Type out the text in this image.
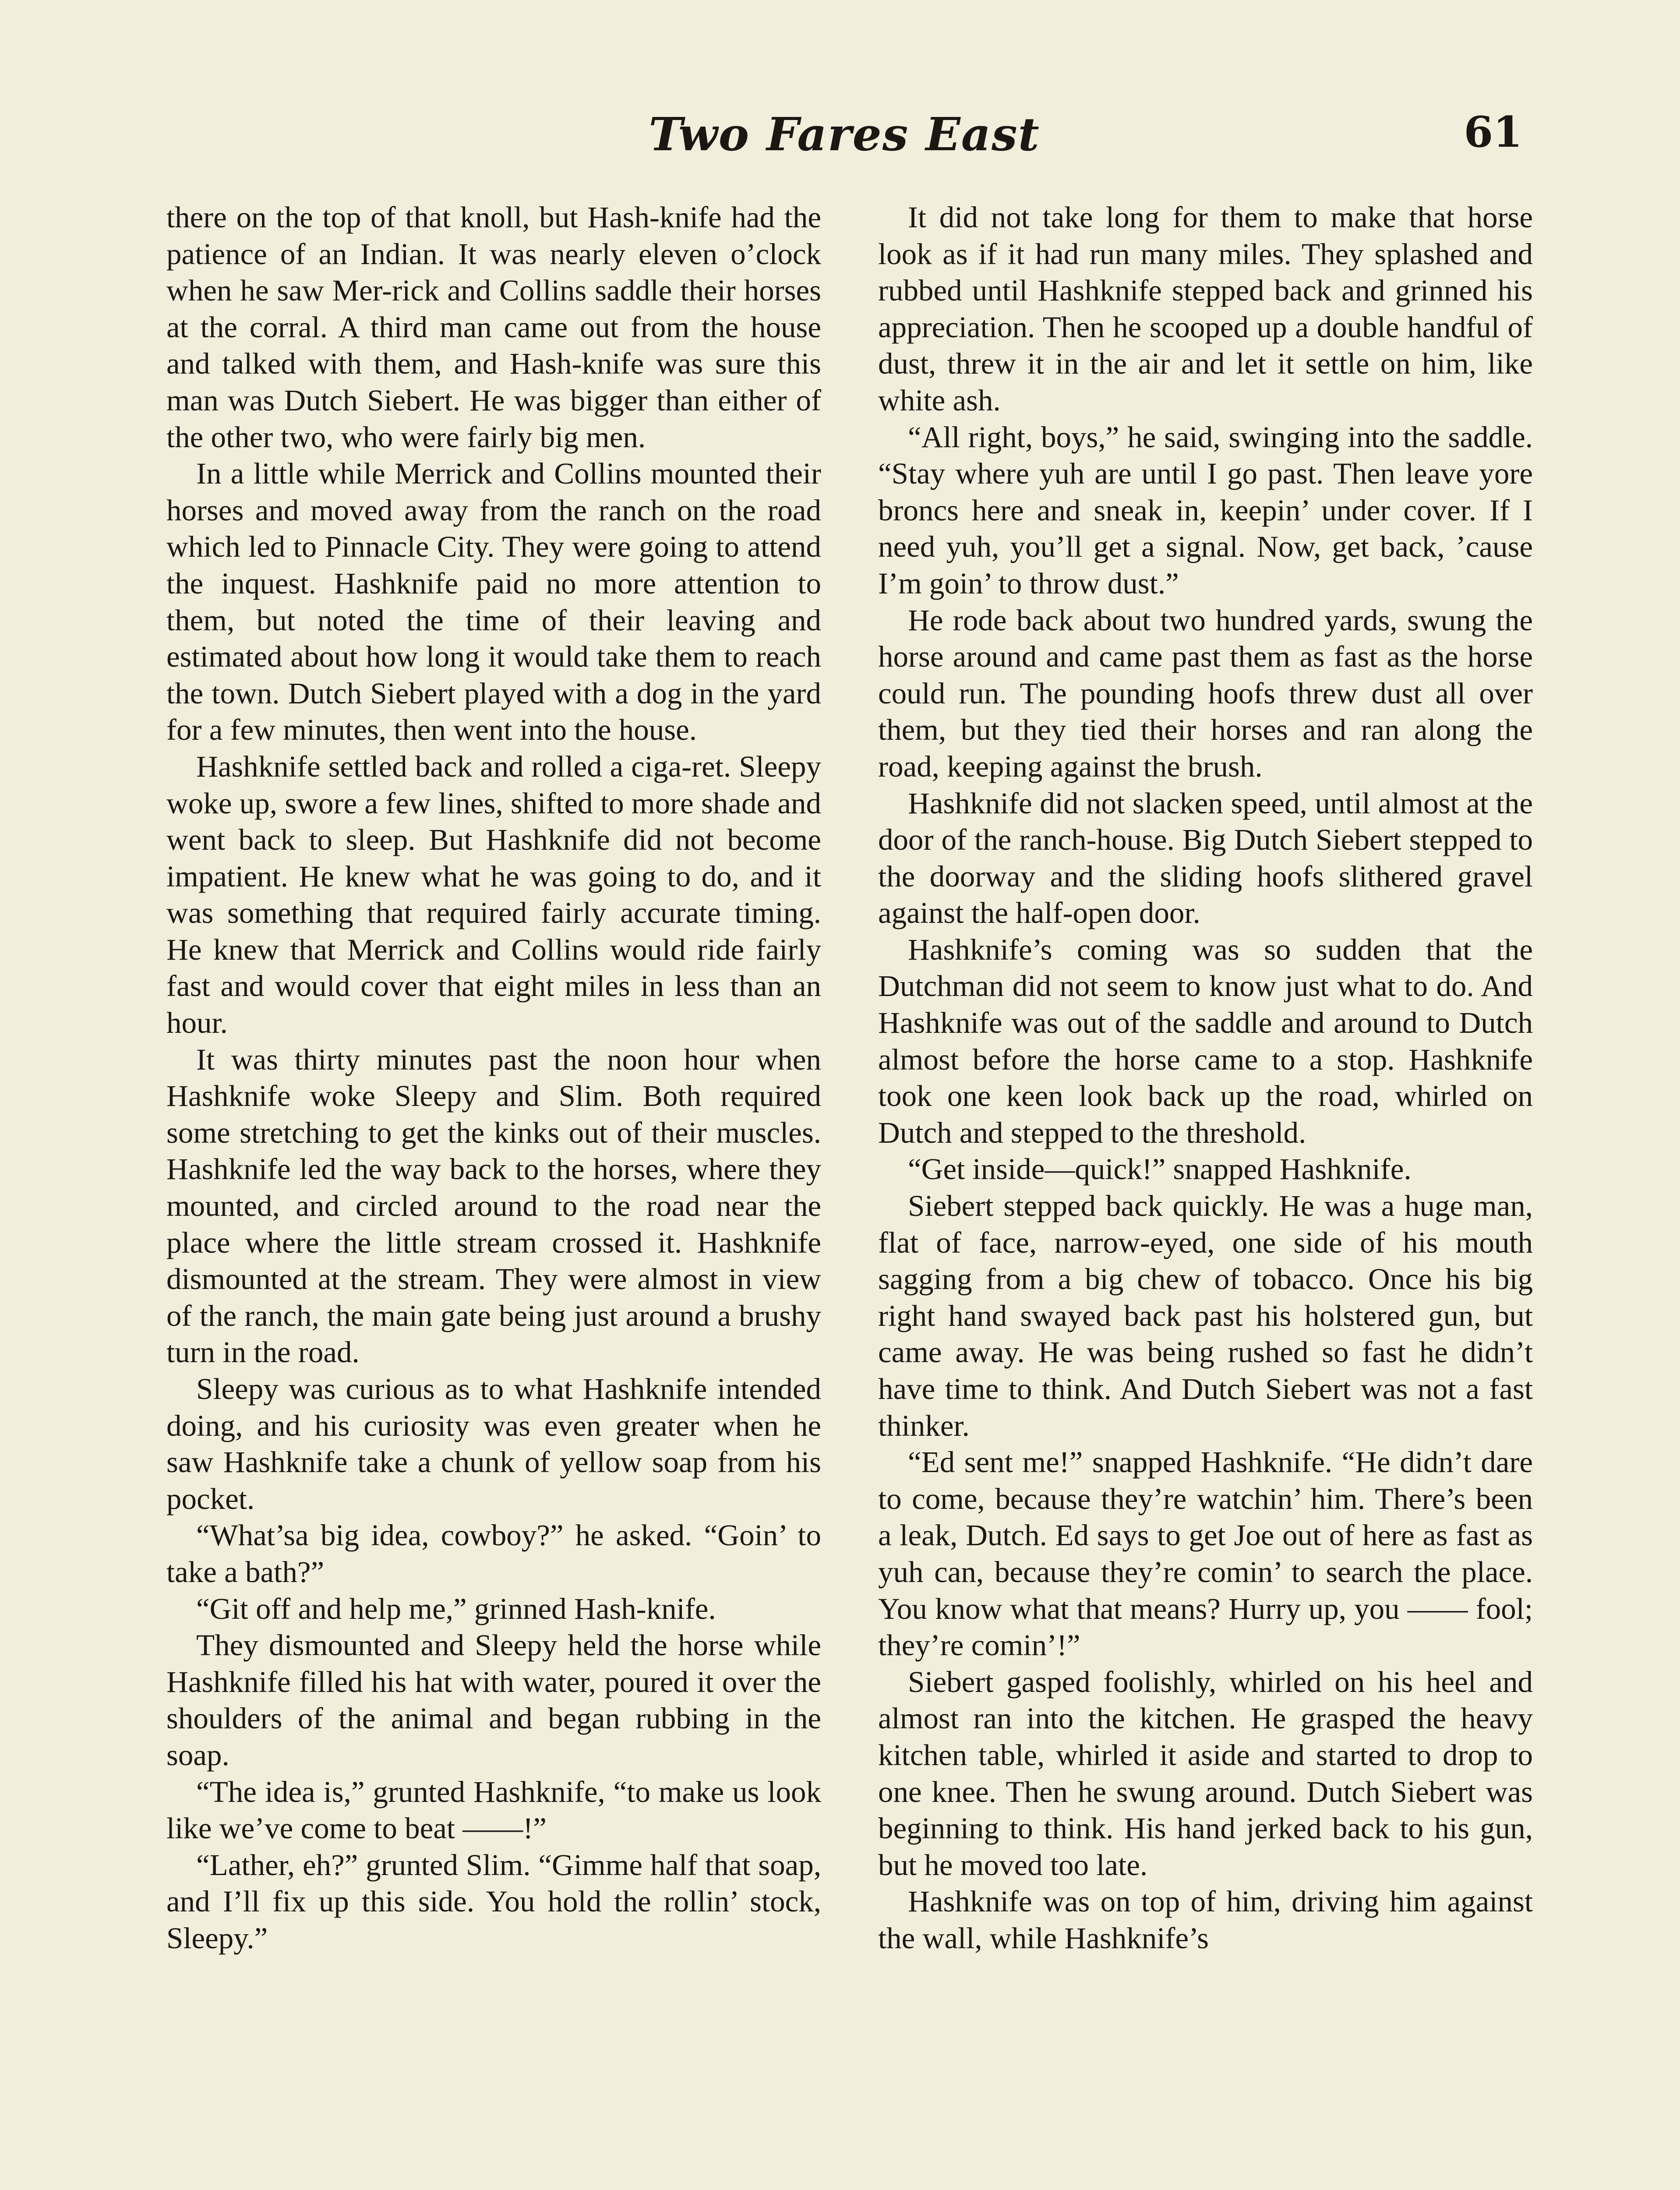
Two Fares East	61

there on the top of that knoll, but Hash-knife had the patience of an Indian. It was nearly eleven o’clock when he saw Mer-rick and Collins saddle their horses at the corral. A third man came out from the house and talked with them, and Hash-knife was sure this man was Dutch Siebert. He was bigger than either of the other two, who were fairly big men.

In a little while Merrick and Collins mounted their horses and moved away from the ranch on the road which led to Pinnacle City. They were going to attend the inquest. Hashknife paid no more attention to them, but noted the time of their leaving and estimated about how long it would take them to reach the town. Dutch Siebert played with a dog in the yard for a few minutes, then went into the house.

Hashknife settled back and rolled a ciga-ret. Sleepy woke up, swore a few lines, shifted to more shade and went back to sleep. But Hashknife did not become impatient. He knew what he was going to do, and it was something that required fairly accurate timing. He knew that Merrick and Collins would ride fairly fast and would cover that eight miles in less than an hour.

It was thirty minutes past the noon hour when Hashknife woke Sleepy and Slim. Both required some stretching to get the kinks out of their muscles. Hashknife led the way back to the horses, where they mounted, and circled around to the road near the place where the little stream crossed it. Hashknife dismounted at the stream. They were almost in view of the ranch, the main gate being just around a brushy turn in the road.

Sleepy was curious as to what Hashknife intended doing, and his curiosity was even greater when he saw Hashknife take a chunk of yellow soap from his pocket.

“What’sa big idea, cowboy?” he asked. “Goin’ to take a bath?”

“Git off and help me,” grinned Hash-knife.

They dismounted and Sleepy held the horse while Hashknife filled his hat with water, poured it over the shoulders of the animal and began rubbing in the soap.

“The idea is,” grunted Hashknife, “to make us look like we’ve come to beat ——!”

“Lather, eh?” grunted Slim. “Gimme half that soap, and I’ll fix up this side. You hold the rollin’ stock, Sleepy.”

It did not take long for them to make that horse look as if it had run many miles. They splashed and rubbed until Hashknife stepped back and grinned his appreciation. Then he scooped up a double handful of dust, threw it in the air and let it settle on him, like white ash.

“All right, boys,” he said, swinging into the saddle. “Stay where yuh are until I go past. Then leave yore broncs here and sneak in, keepin’ under cover. If I need yuh, you’ll get a signal. Now, get back, ’cause I’m goin’ to throw dust.”

He rode back about two hundred yards, swung the horse around and came past them as fast as the horse could run. The pounding hoofs threw dust all over them, but they tied their horses and ran along the road, keeping against the brush.

Hashknife did not slacken speed, until almost at the door of the ranch-house. Big Dutch Siebert stepped to the doorway and the sliding hoofs slithered gravel against the half-open door.

Hashknife’s coming was so sudden that the Dutchman did not seem to know just what to do. And Hashknife was out of the saddle and around to Dutch almost before the horse came to a stop. Hashknife took one keen look back up the road, whirled on Dutch and stepped to the threshold.

“Get inside—quick!” snapped Hashknife.

Siebert stepped back quickly. He was a huge man, flat of face, narrow-eyed, one side of his mouth sagging from a big chew of tobacco. Once his big right hand swayed back past his holstered gun, but came away. He was being rushed so fast he didn’t have time to think. And Dutch Siebert was not a fast thinker.

“Ed sent me!” snapped Hashknife. “He didn’t dare to come, because they’re watchin’ him. There’s been a leak, Dutch. Ed says to get Joe out of here as fast as yuh can, because they’re comin’ to search the place. You know what that means? Hurry up, you —— fool; they’re comin’!”

Siebert gasped foolishly, whirled on his heel and almost ran into the kitchen. He grasped the heavy kitchen table, whirled it aside and started to drop to one knee. Then he swung around. Dutch Siebert was beginning to think. His hand jerked back to his gun, but he moved too late.

Hashknife was on top of him, driving him against the wall, while Hashknife’s
